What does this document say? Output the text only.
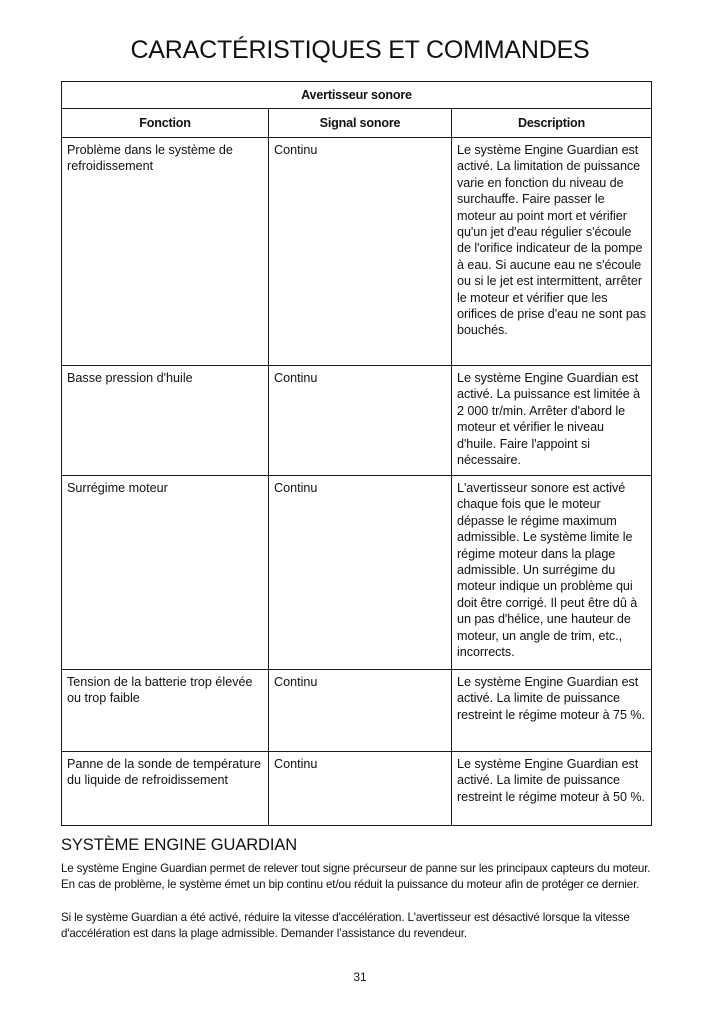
CARACTÉRISTIQUES ET COMMANDES
Avertisseur sonore		
Fonction	Signal sonore	Description
Problème dans le système de refroidissement	Continu	Le système Engine Guardian est activé. La limitation de puissance varie en fonction du niveau de surchauffe. Faire passer le moteur au point mort et vérifier qu'un jet d'eau régulier s'écoule de l'orifice indicateur de la pompe à eau. Si aucune eau ne s'écoule ou si le jet est intermittent, arrêter le moteur et vérifier que les orifices de prise d'eau ne sont pas bouchés.
Basse pression d'huile	Continu	Le système Engine Guardian est activé. La puissance est limitée à 2 000 tr/min. Arrêter d'abord le moteur et vérifier le niveau d'huile. Faire l'appoint si nécessaire.
Surrégime moteur	Continu	L'avertisseur sonore est activé chaque fois que le moteur dépasse le régime maximum admissible. Le système limite le régime moteur dans la plage admissible. Un surrégime du moteur indique un problème qui doit être corrigé. Il peut être dû à un pas d'hélice, une hauteur de moteur, un angle de trim, etc., incorrects.
Tension de la batterie trop élevée ou trop faible	Continu	Le système Engine Guardian est activé. La limite de puissance restreint le régime moteur à 75 %.
Panne de la sonde de température du liquide de refroidissement	Continu	Le système Engine Guardian est activé. La limite de puissance restreint le régime moteur à 50 %.
SYSTÈME ENGINE GUARDIAN

Le système Engine Guardian permet de relever tout signe précurseur de panne sur les principaux capteurs du moteur. En cas de problème, le système émet un bip continu et/ou réduit la puissance du moteur afin de protéger ce dernier.

Si le système Guardian a été activé, réduire la vitesse d'accélération. L'avertisseur est désactivé lorsque la vitesse d'accélération est dans la plage admissible. Demander l’assistance du revendeur.

31
